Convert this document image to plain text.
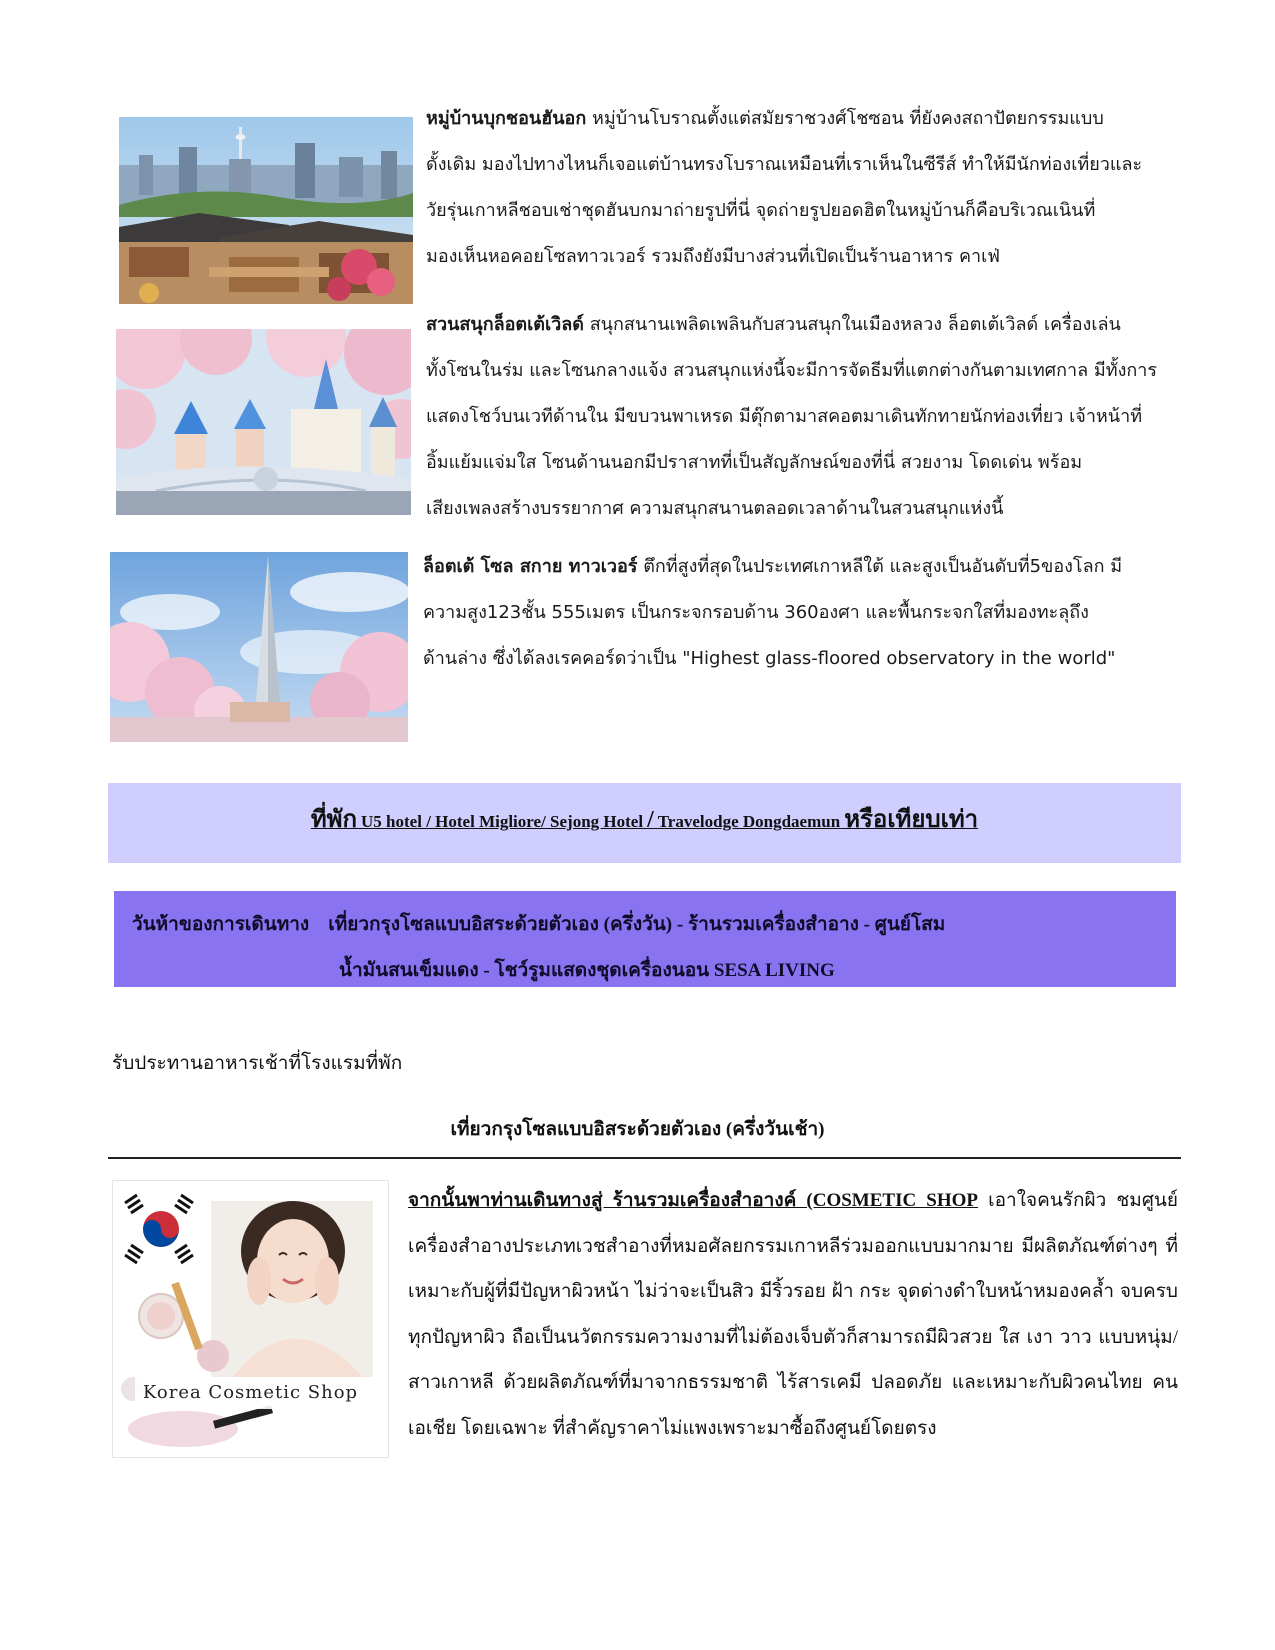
หมู่บ้านบุกชอนฮันอก หมู่บ้านโบราณตั้งแต่สมัยราชวงศ์โชซอน ที่ยังคงสถาปัตยกรรมแบบ
ดั้งเดิม มองไปทางไหนก็เจอแต่บ้านทรงโบราณเหมือนที่เราเห็นในซีรีส์ ทำให้มีนักท่องเที่ยวและ
วัยรุ่นเกาหลีชอบเช่าชุดฮันบกมาถ่ายรูปที่นี่ จุดถ่ายรูปยอดฮิตในหมู่บ้านก็คือบริเวณเนินที่
มองเห็นหอคอยโซลทาวเวอร์ รวมถึงยังมีบางส่วนที่เปิดเป็นร้านอาหาร คาเฟ่
สวนสนุกล็อตเต้เวิลด์ สนุกสนานเพลิดเพลินกับสวนสนุกในเมืองหลวง ล็อตเต้เวิลด์ เครื่องเล่น
ทั้งโซนในร่ม และโซนกลางแจ้ง สวนสนุกแห่งนี้จะมีการจัดธีมที่แตกต่างกันตามเทศกาล มีทั้งการ
แสดงโชว์บนเวทีด้านใน มีขบวนพาเหรด มีตุ๊กตามาสคอตมาเดินทักทายนักท่องเที่ยว เจ้าหน้าที่
อิ้มแย้มแจ่มใส โซนด้านนอกมีปราสาทที่เป็นสัญลักษณ์ของที่นี่ สวยงาม โดดเด่น พร้อม
เสียงเพลงสร้างบรรยากาศ ความสนุกสนานตลอดเวลาด้านในสวนสนุกแห่งนี้
ล็อตเต้ โซล สกาย ทาวเวอร์ ตึกที่สูงที่สุดในประเทศเกาหลีใต้ และสูงเป็นอันดับที่5ของโลก มี
ความสูง123ชั้น 555เมตร เป็นกระจกรอบด้าน 360องศา และพื้นกระจกใสที่มองทะลุถึง
ด้านล่าง ซึ่งได้ลงเรคคอร์ดว่าเป็น "Highest glass-floored observatory in the world"
ที่พัก U5 hotel / Hotel Migliore/ Sejong Hotel / Travelodge Dongdaemun หรือเทียบเท่า
วันห้าของการเดินทาง เที่ยวกรุงโซลแบบอิสระด้วยตัวเอง (ครึ่งวัน) - ร้านรวมเครื่องสำอาง - ศูนย์โสม
น้ำมันสนเข็มแดง - โชว์รูมแสดงชุดเครื่องนอน SESA LIVING
รับประทานอาหารเช้าที่โรงแรมที่พัก
เที่ยวกรุงโซลแบบอิสระด้วยตัวเอง (ครึ่งวันเช้า)
Korea Cosmetic Shop
จากนั้นพาท่านเดินทางสู่ ร้านรวมเครื่องสำอางค์ (COSMETIC SHOP เอาใจคนรักผิว ชมศูนย์เครื่องสำอางประเภทเวชสำอางที่หมอศัลยกรรมเกาหลีร่วมออกแบบมากมาย มีผลิตภัณฑ์ต่างๆ ที่เหมาะกับผู้ที่มีปัญหาผิวหน้า ไม่ว่าจะเป็นสิว มีริ้วรอย ฝ้า กระ จุดด่างดำใบหน้าหมองคล้ำ จบครบทุกปัญหาผิว ถือเป็นนวัตกรรมความงามที่ไม่ต้องเจ็บตัวก็สามารถมีผิวสวย ใส เงา วาว แบบหนุ่ม/สาวเกาหลี ด้วยผลิตภัณฑ์ที่มาจากธรรมชาติ ไร้สารเคมี ปลอดภัย และเหมาะกับผิวคนไทย คนเอเชีย โดยเฉพาะ ที่สำคัญราคาไม่แพงเพราะมาซื้อถึงศูนย์โดยตรง
